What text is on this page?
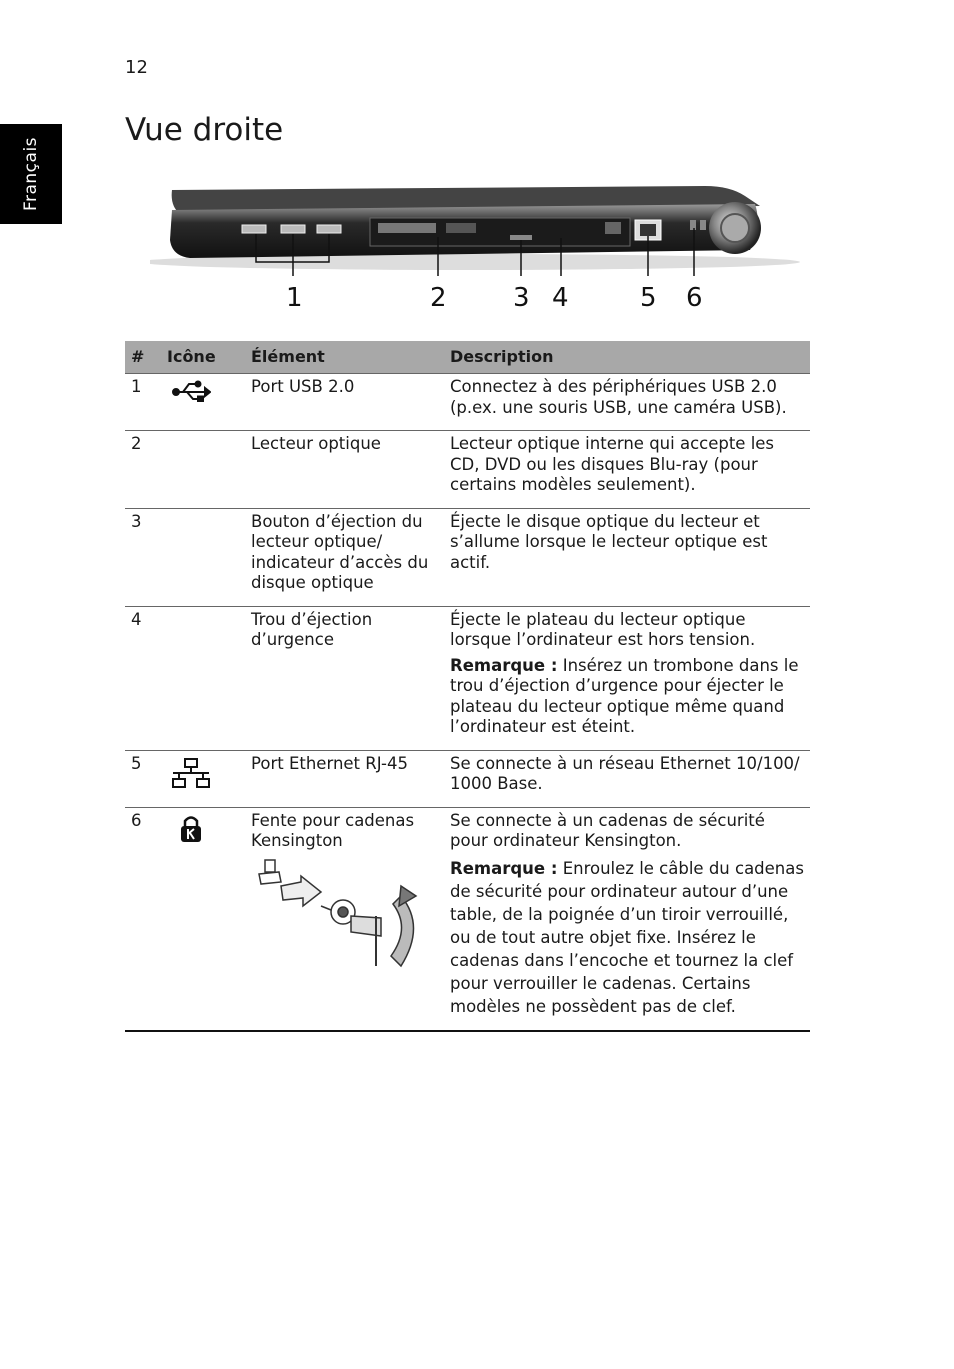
12
Français
Vue droite
1	2	3 4	5 6
#	Icône	Élément	Description
1		Port USB 2.0	Connectez à des périphériques USB 2.0 (p.ex. une souris USB, une caméra USB).
2		Lecteur optique	Lecteur optique interne qui accepte les CD, DVD ou les disques Blu-ray (pour certains modèles seulement).
3		Bouton d’éjection du lecteur optique/ indicateur d’accès du disque optique	Éjecte le disque optique du lecteur et s’allume lorsque le lecteur optique est actif.
4		Trou d’éjection d’urgence	Éjecte le plateau du lecteur optique lorsque l’ordinateur est hors tension.
Remarque : Insérez un trombone dans le trou d’éjection d’urgence pour éjecter le plateau du lecteur optique même quand l’ordinateur est éteint.

5		Port Ethernet RJ-45	Se connecte à un réseau Ethernet 10/100/ 1000 Base.
6		Fente pour cadenas Kensington	Se connecte à un cadenas de sécurité pour ordinateur Kensington.
Remarque : Enroulez le câble du cadenas de sécurité pour ordinateur autour d’une table, de la poignée d’un tiroir verrouillé, ou de tout autre objet fixe. Insérez le cadenas dans l’encoche et tournez la clef pour verrouiller le cadenas. Certains modèles ne possèdent pas de clef.
